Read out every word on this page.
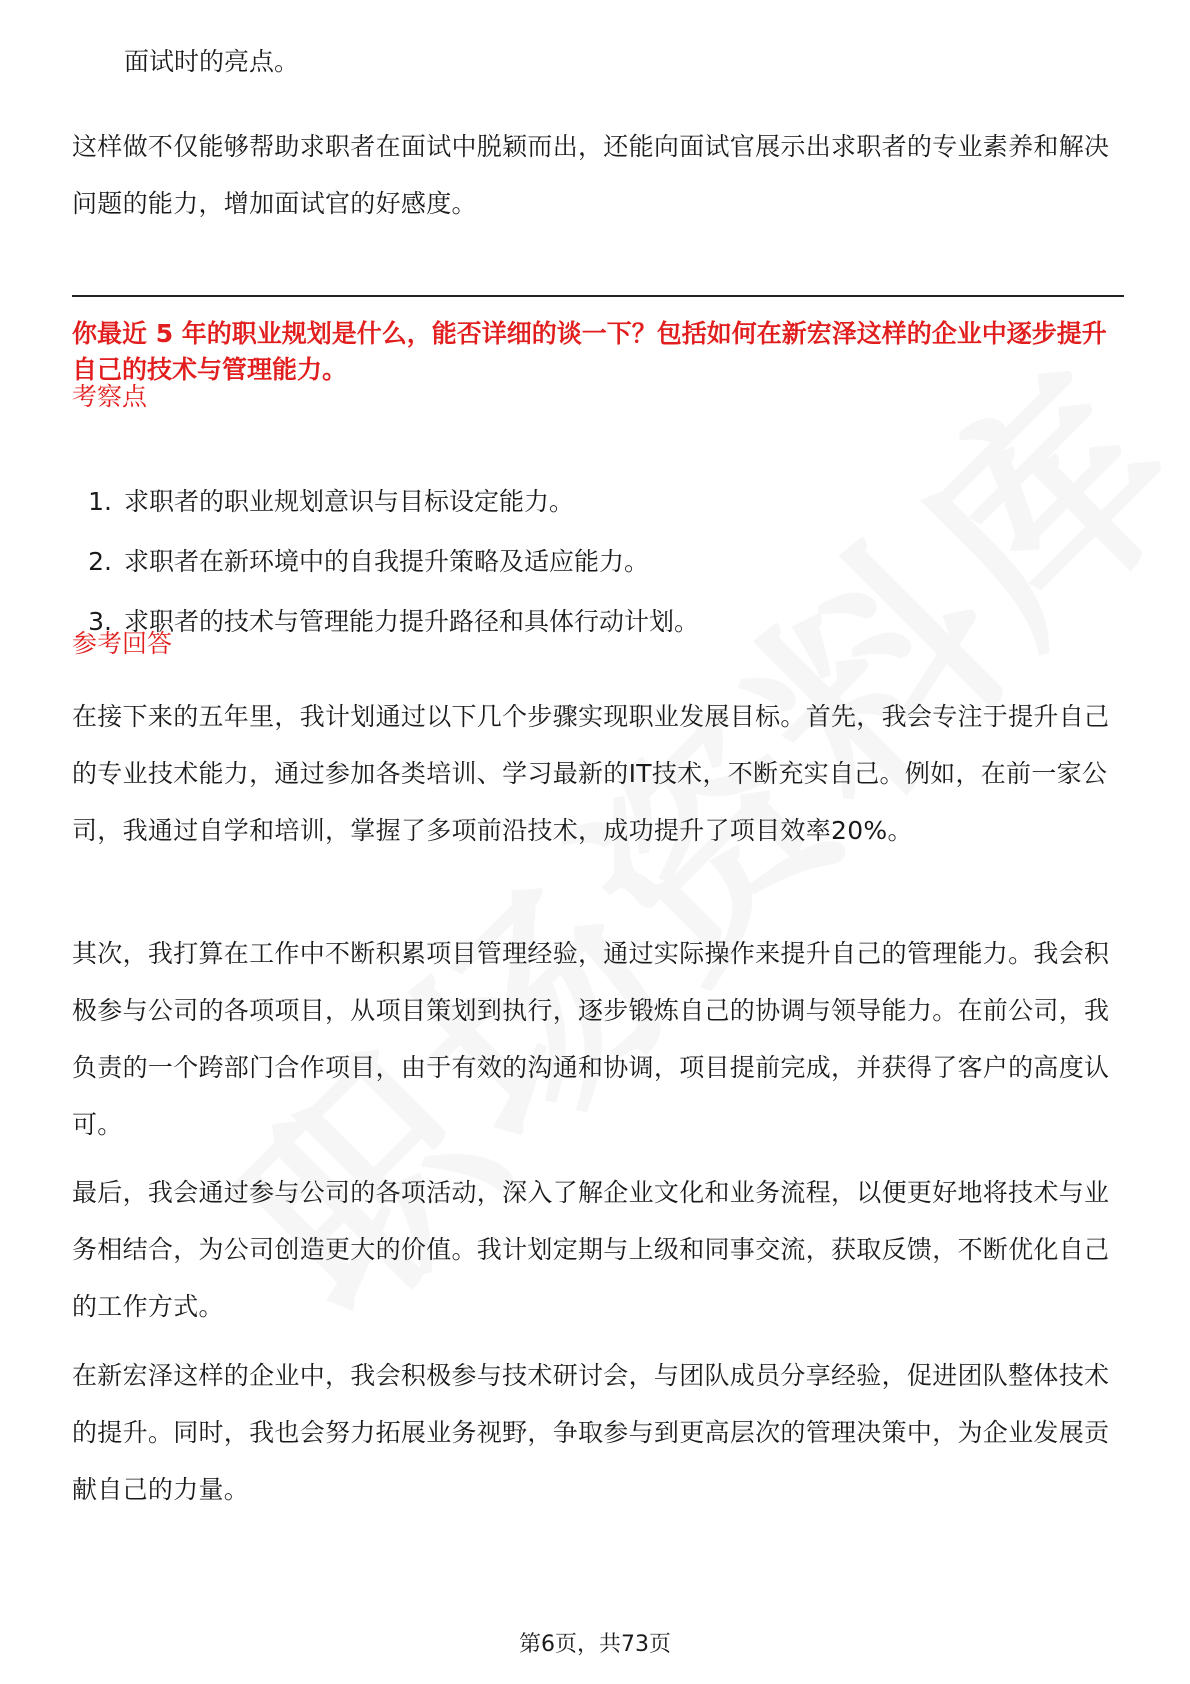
面试时的亮点。

这样做不仅能够帮助求职者在面试中脱颖而出，还能向面试官展示出求职者的专业素养和解决问题的能力，增加面试官的好感度。

你最近 5 年的职业规划是什么，能否详细的谈一下？包括如何在新宏泽这样的企业中逐步提升自己的技术与管理能力。

考察点

1. 求职者的职业规划意识与目标设定能力。
2. 求职者在新环境中的自我提升策略及适应能力。
3. 求职者的技术与管理能力提升路径和具体行动计划。

参考回答

在接下来的五年里，我计划通过以下几个步骤实现职业发展目标。首先，我会专注于提升自己的专业技术能力，通过参加各类培训、学习最新的IT技术，不断充实自己。例如，在前一家公司，我通过自学和培训，掌握了多项前沿技术，成功提升了项目效率20%。

其次，我打算在工作中不断积累项目管理经验，通过实际操作来提升自己的管理能力。我会积极参与公司的各项项目，从项目策划到执行，逐步锻炼自己的协调与领导能力。在前公司，我负责的一个跨部门合作项目，由于有效的沟通和协调，项目提前完成，并获得了客户的高度认可。

最后，我会通过参与公司的各项活动，深入了解企业文化和业务流程，以便更好地将技术与业务相结合，为公司创造更大的价值。我计划定期与上级和同事交流，获取反馈，不断优化自己的工作方式。

在新宏泽这样的企业中，我会积极参与技术研讨会，与团队成员分享经验，促进团队整体技术的提升。同时，我也会努力拓展业务视野，争取参与到更高层次的管理决策中，为企业发展贡献自己的力量。

第6页，共73页
